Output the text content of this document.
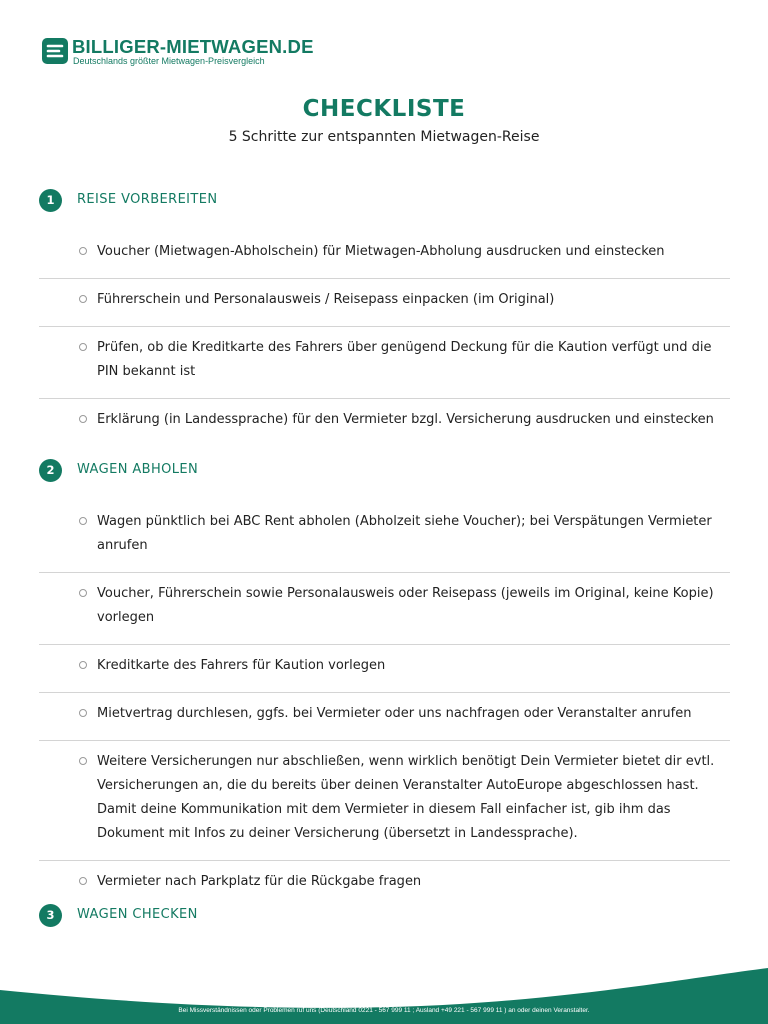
BILLIGER-MIETWAGEN.DE
Deutschlands größter Mietwagen-Preisvergleich
CHECKLISTE
5 Schritte zur entspannten Mietwagen-Reise
1	REISE VORBEREITEN
Voucher (Mietwagen-Abholschein) für Mietwagen-Abholung ausdrucken und einstecken
Führerschein und Personalausweis / Reisepass einpacken (im Original)
Prüfen, ob die Kreditkarte des Fahrers über genügend Deckung für die Kaution verfügt und die PIN bekannt ist
Erklärung (in Landessprache) für den Vermieter bzgl. Versicherung ausdrucken und einstecken
2	WAGEN ABHOLEN
Wagen pünktlich bei ABC Rent abholen (Abholzeit siehe Voucher); bei Verspätungen Vermieter anrufen
Voucher, Führerschein sowie Personalausweis oder Reisepass (jeweils im Original, keine Kopie) vorlegen
Kreditkarte des Fahrers für Kaution vorlegen
Mietvertrag durchlesen, ggfs. bei Vermieter oder uns nachfragen oder Veranstalter anrufen
Weitere Versicherungen nur abschließen, wenn wirklich benötigt Dein Vermieter bietet dir evtl. Versicherungen an, die du bereits über deinen Veranstalter AutoEurope abgeschlossen hast. Damit deine Kommunikation mit dem Vermieter in diesem Fall einfacher ist, gib ihm das Dokument mit Infos zu deiner Versicherung (übersetzt in Landessprache).
Vermieter nach Parkplatz für die Rückgabe fragen
3	WAGEN CHECKEN
Bei Missverständnissen oder Problemen ruf uns (Deutschland 0221 - 567 999 11 ; Ausland +49 221 - 567 999 11 ) an oder deinen Veranstalter.
